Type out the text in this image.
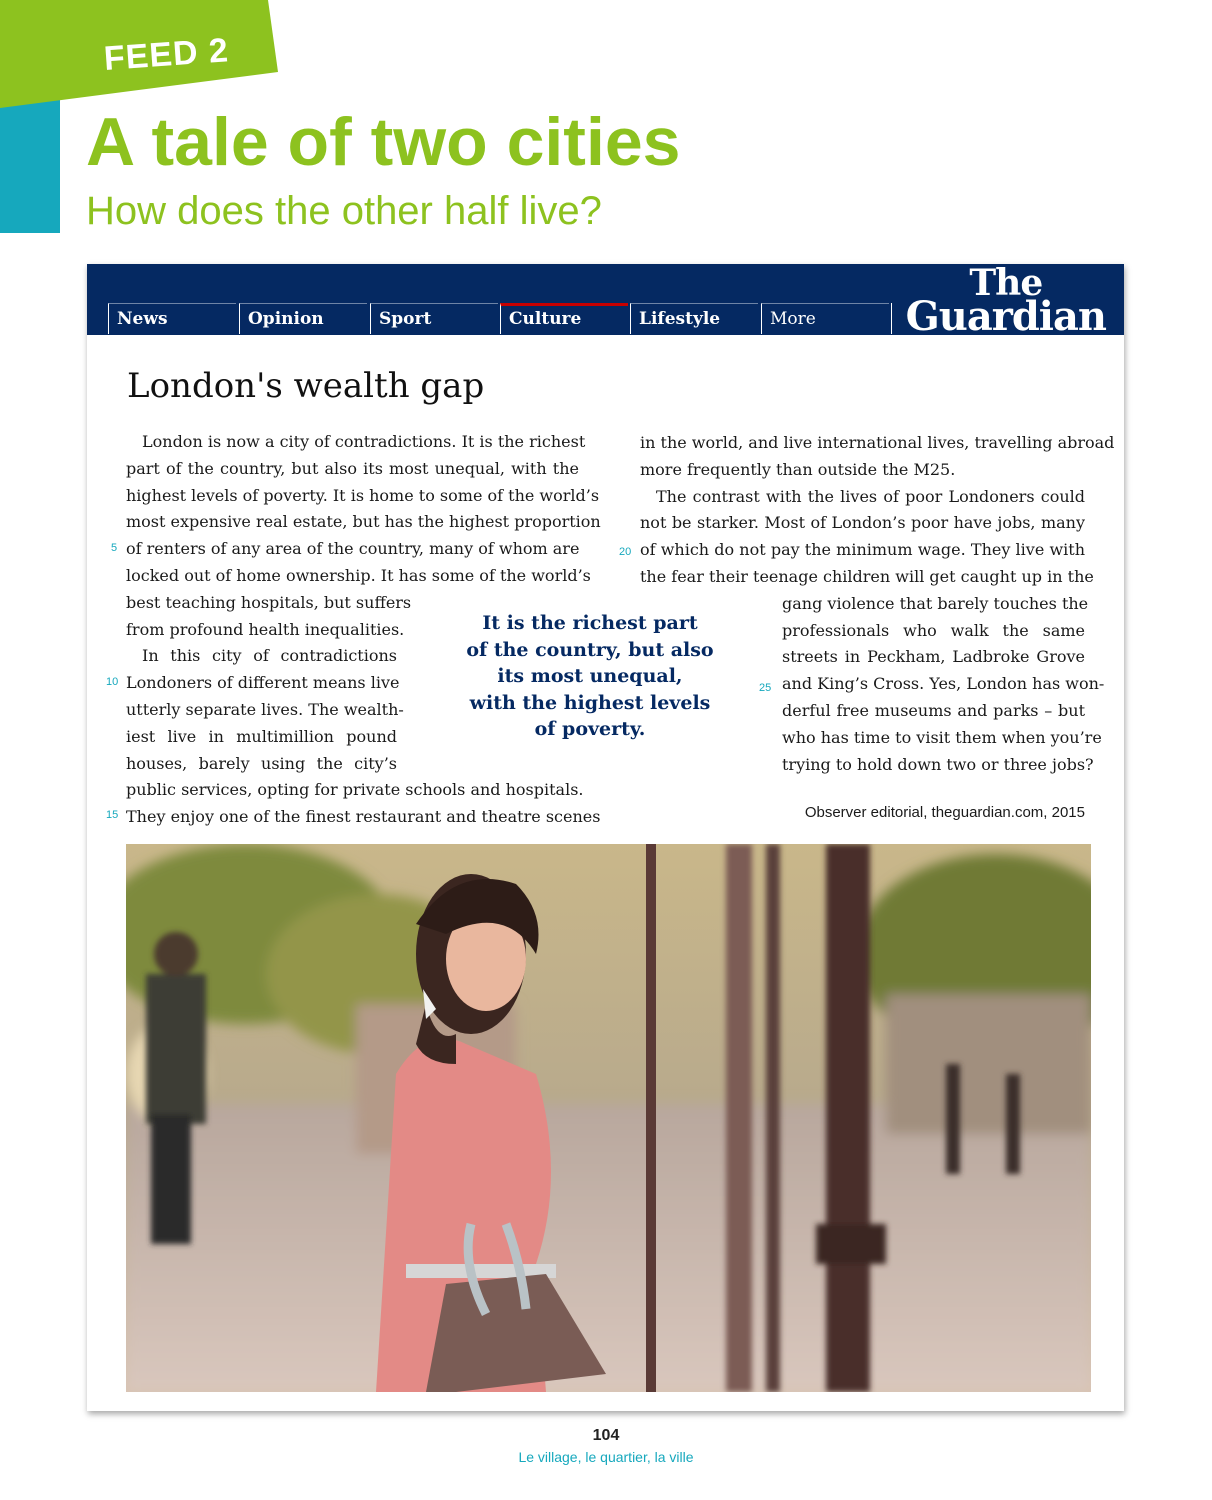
FEED 2
A tale of two cities
How does the other half live?
News	Opinion	Sport	Culture	Lifestyle	More
The
Guardian
London's wealth gap
London is now a city of contradictions. It is the richest
part of the country, but also its most unequal, with the
highest levels of poverty. It is home to some of the world’s
most expensive real estate, but has the highest proportion
of renters of any area of the country, many of whom are
locked out of home ownership. It has some of the world’s
best teaching hospitals, but suffers
from profound health inequalities.
In this city of contradictions
Londoners of different means live
utterly separate lives. The wealth-
iest live in multimillion pound
houses, barely using the city’s
public services, opting for private schools and hospitals.
They enjoy one of the finest restaurant and theatre scenes
in the world, and live international lives, travelling abroad
more frequently than outside the M25.
The contrast with the lives of poor Londoners could
not be starker. Most of London’s poor have jobs, many
of which do not pay the minimum wage. They live with
the fear their teenage children will get caught up in the
gang violence that barely touches the
professionals who walk the same
streets in Peckham, Ladbroke Grove
and King’s Cross. Yes, London has won-
derful free museums and parks – but
who has time to visit them when you’re
trying to hold down two or three jobs?
5
10
15
20
25
It is the richest part
of the country, but also
its most unequal,
with the highest levels
of poverty.
Observer editorial, theguardian.com, 2015
104
Le village, le quartier, la ville
